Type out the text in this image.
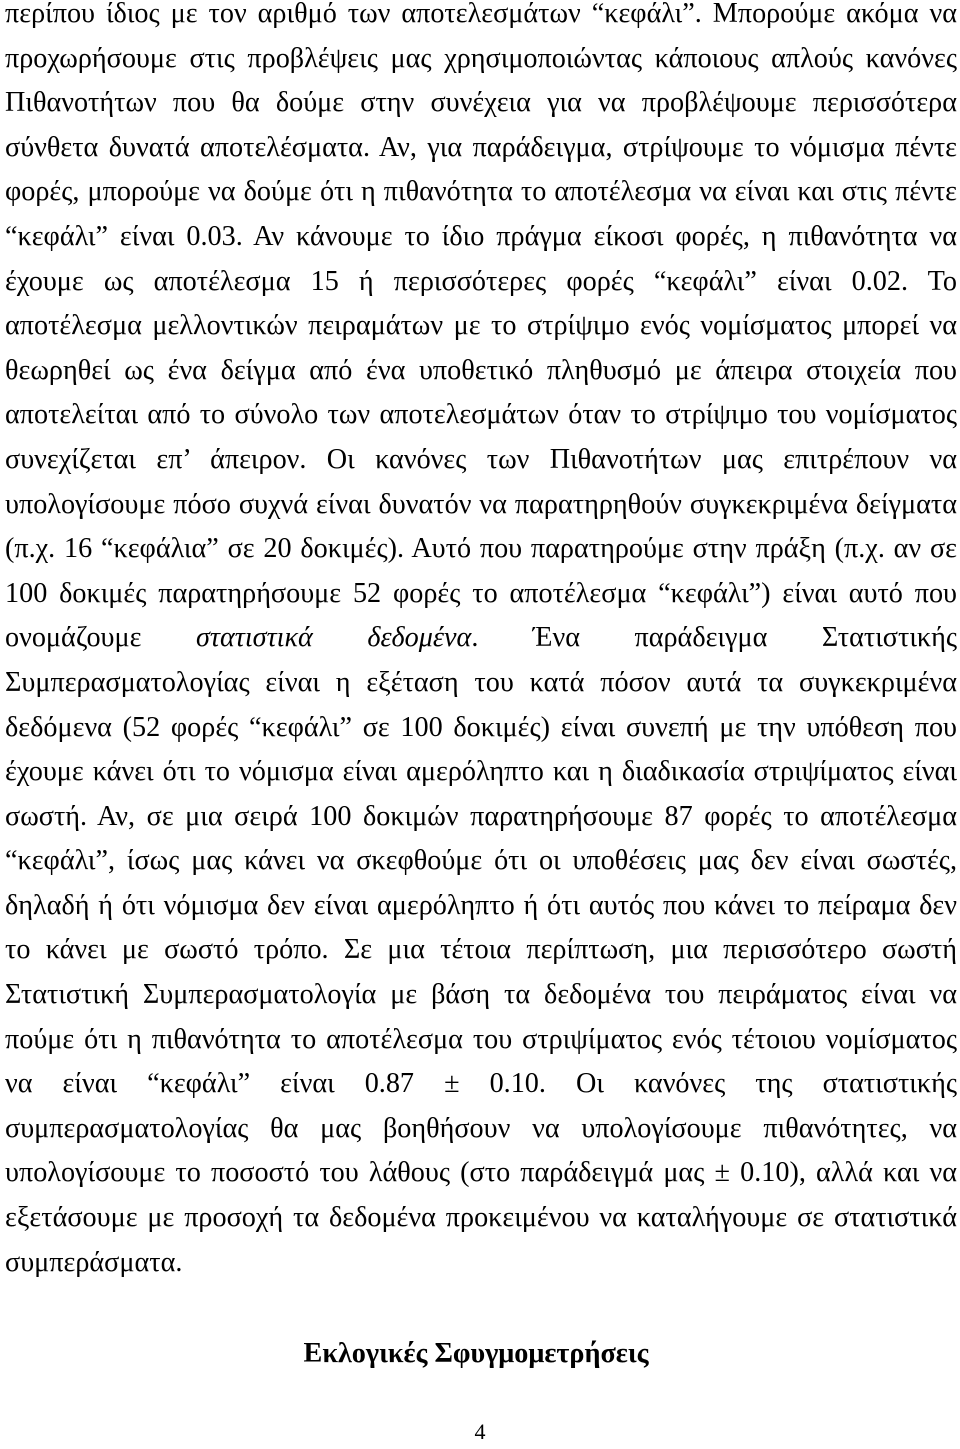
περίπου ίδιος με τον αριθμό των αποτελεσμάτων “κεφάλι”. Μπορούμε ακόμα να προχωρήσουμε στις προβλέψεις μας χρησιμοποιώντας κάποιους απλούς κανόνες Πιθανοτήτων που θα δούμε στην συνέχεια για να προβλέψουμε περισσότερα σύνθετα δυνατά αποτελέσματα. Αν, για παράδειγμα, στρίψουμε το νόμισμα πέντε φορές, μπορούμε να δούμε ότι η πιθανότητα το αποτέλεσμα να είναι και στις πέντε “κεφάλι” είναι 0.03. Αν κάνουμε το ίδιο πράγμα είκοσι φορές, η πιθανότητα να έχουμε ως αποτέλεσμα 15 ή περισσότερες φορές “κεφάλι” είναι 0.02. Το αποτέλεσμα μελλοντικών πειραμάτων με το στρίψιμο ενός νομίσματος μπορεί να θεωρηθεί ως ένα δείγμα από ένα υποθετικό πληθυσμό με άπειρα στοιχεία που αποτελείται από το σύνολο των αποτελεσμάτων όταν το στρίψιμο του νομίσματος συνεχίζεται επ’ άπειρον. Οι κανόνες των Πιθανοτήτων μας επιτρέπουν να υπολογίσουμε πόσο συχνά είναι δυνατόν να παρατηρηθούν συγκεκριμένα δείγματα (π.χ. 16 “κεφάλια” σε 20 δοκιμές). Αυτό που παρατηρούμε στην πράξη (π.χ. αν σε 100 δοκιμές παρατηρήσουμε 52 φορές το αποτέλεσμα “κεφάλι”) είναι αυτό που ονομάζουμε στατιστικά δεδομένα. Ένα παράδειγμα Στατιστικής Συμπερασματολογίας είναι η εξέταση του κατά πόσον αυτά τα συγκεκριμένα δεδόμενα (52 φορές “κεφάλι” σε 100 δοκιμές) είναι συνεπή με την υπόθεση που έχουμε κάνει ότι το νόμισμα είναι αμερόληπτο και η διαδικασία στριψίματος είναι σωστή. Αν, σε μια σειρά 100 δοκιμών παρατηρήσουμε 87 φορές το αποτέλεσμα “κεφάλι”, ίσως μας κάνει να σκεφθούμε ότι οι υποθέσεις μας δεν είναι σωστές, δηλαδή ή ότι νόμισμα δεν είναι αμερόληπτο ή ότι αυτός που κάνει το πείραμα δεν το κάνει με σωστό τρόπο. Σε μια τέτοια περίπτωση, μια περισσότερο σωστή Στατιστική Συμπερασματολογία με βάση τα δεδομένα του πειράματος είναι να πούμε ότι η πιθανότητα το αποτέλεσμα του στριψίματος ενός τέτοιου νομίσματος να είναι “κεφάλι” είναι 0.87 ± 0.10. Οι κανόνες της στατιστικής συμπερασματολογίας θα μας βοηθήσουν να υπολογίσουμε πιθανότητες, να υπολογίσουμε το ποσοστό του λάθους (στο παράδειγμά μας ± 0.10), αλλά και να εξετάσουμε με προσοχή τα δεδομένα προκειμένου να καταλήγουμε σε στατιστικά συμπεράσματα.

Εκλογικές Σφυγμομετρήσεις
4
